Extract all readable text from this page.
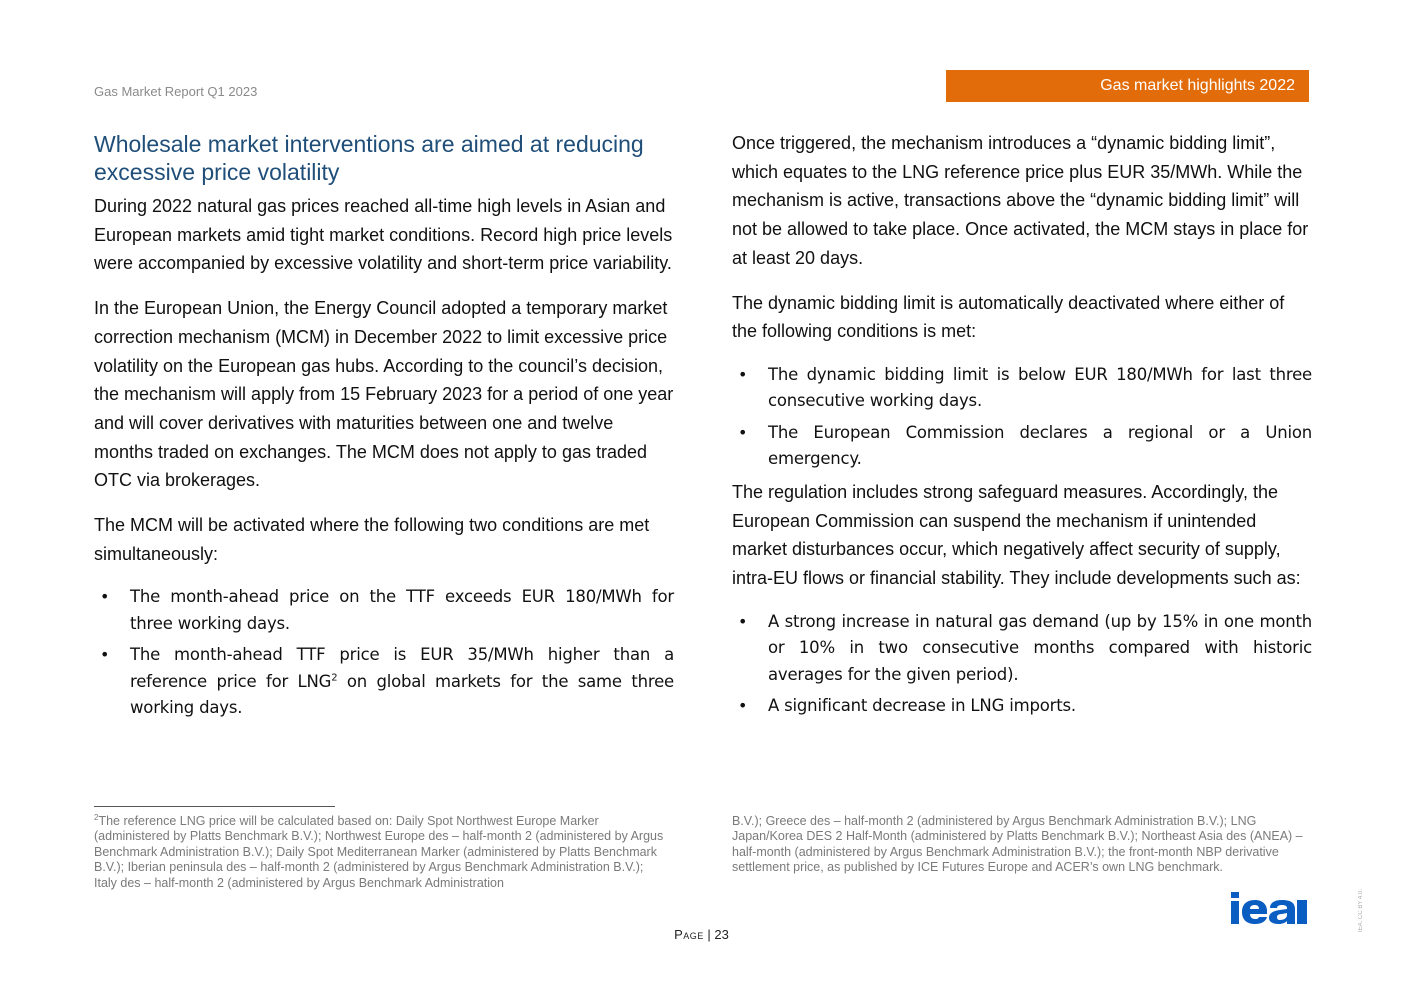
Gas Market Report Q1 2023	Gas market highlights 2022
Wholesale market interventions are aimed at reducing excessive price volatility

During 2022 natural gas prices reached all-time high levels in Asian and European markets amid tight market conditions. Record high price levels were accompanied by excessive volatility and short-term price variability.

In the European Union, the Energy Council adopted a temporary market correction mechanism (MCM) in December 2022 to limit excessive price volatility on the European gas hubs. According to the council’s decision, the mechanism will apply from 15 February 2023 for a period of one year and will cover derivatives with maturities between one and twelve months traded on exchanges. The MCM does not apply to gas traded OTC via brokerages.

The MCM will be activated where the following two conditions are met simultaneously:

• The month-ahead price on the TTF exceeds EUR 180/MWh for three working days.
• The month-ahead TTF price is EUR 35/MWh higher than a reference price for LNG$^2$ on global markets for the same three working days.

Once triggered, the mechanism introduces a “dynamic bidding limit”, which equates to the LNG reference price plus EUR 35/MWh. While the mechanism is active, transactions above the “dynamic bidding limit” will not be allowed to take place. Once activated, the MCM stays in place for at least 20 days.

The dynamic bidding limit is automatically deactivated where either of the following conditions is met:

• The dynamic bidding limit is below EUR 180/MWh for last three consecutive working days.
• The European Commission declares a regional or a Union emergency.

The regulation includes strong safeguard measures. Accordingly, the European Commission can suspend the mechanism if unintended market disturbances occur, which negatively affect security of supply, intra-EU flows or financial stability. They include developments such as:

• A strong increase in natural gas demand (up by 15% in one month or 10% in two consecutive months compared with historic averages for the given period).
• A significant decrease in LNG imports.
$^2$The reference LNG price will be calculated based on: Daily Spot Northwest Europe Marker (administered by Platts Benchmark B.V.); Northwest Europe des – half-month 2 (administered by Argus Benchmark Administration B.V.); Daily Spot Mediterranean Marker (administered by Platts Benchmark B.V.); Iberian peninsula des – half-month 2 (administered by Argus Benchmark Administration B.V.); Italy des – half-month 2 (administered by Argus Benchmark Administration
B.V.); Greece des – half-month 2 (administered by Argus Benchmark Administration B.V.); LNG Japan/Korea DES 2 Half-Month (administered by Platts Benchmark B.V.); Northeast Asia des (ANEA) – half-month (administered by Argus Benchmark Administration B.V.); the front-month NBP derivative settlement price, as published by ICE Futures Europe and ACER’s own LNG benchmark.
Page | 23
IEA. CC BY 4.0.
